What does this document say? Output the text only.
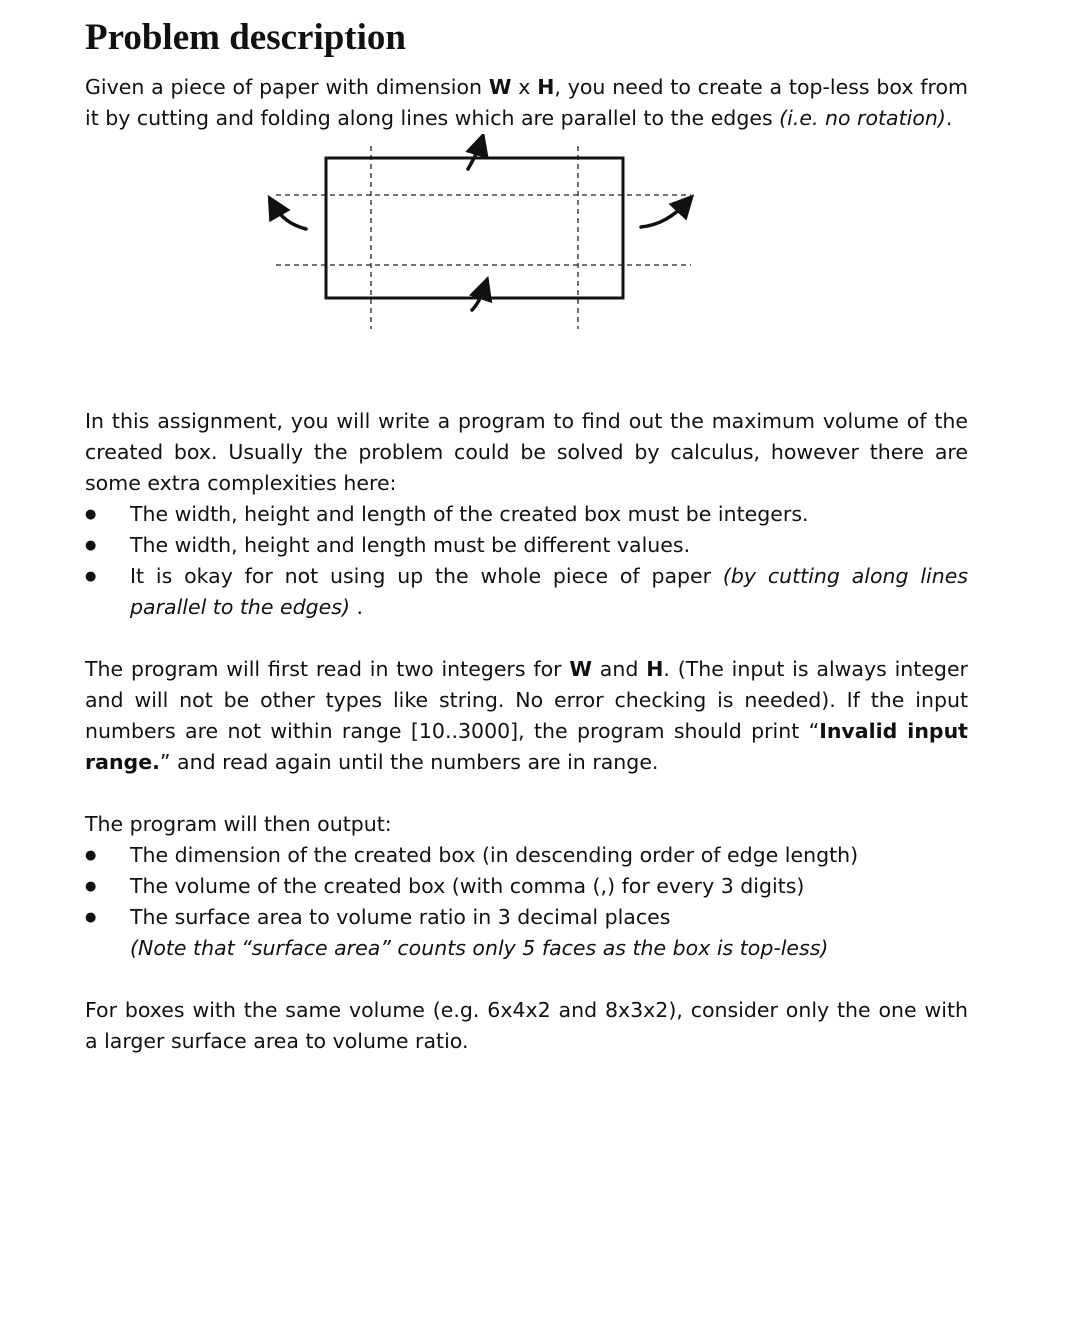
Problem description

Given a piece of paper with dimension W x H, you need to create a top-less box from it by cutting and folding along lines which are parallel to the edges (i.e. no rotation).

In this assignment, you will write a program to find out the maximum volume of the created box. Usually the problem could be solved by calculus, however there are some extra complexities here:

● The width, height and length of the created box must be integers.
● The width, height and length must be different values.
● It is okay for not using up the whole piece of paper (by cutting along lines parallel to the edges) .

The program will first read in two integers for W and H. (The input is always integer and will not be other types like string. No error checking is needed). If the input numbers are not within range [10..3000], the program should print “Invalid input range.” and read again until the numbers are in range.

The program will then output:

● The dimension of the created box (in descending order of edge length)
● The volume of the created box (with comma (,) for every 3 digits)
● The surface area to volume ratio in 3 decimal places

(Note that “surface area” counts only 5 faces as the box is top-less)

For boxes with the same volume (e.g. 6x4x2 and 8x3x2), consider only the one with a larger surface area to volume ratio.
